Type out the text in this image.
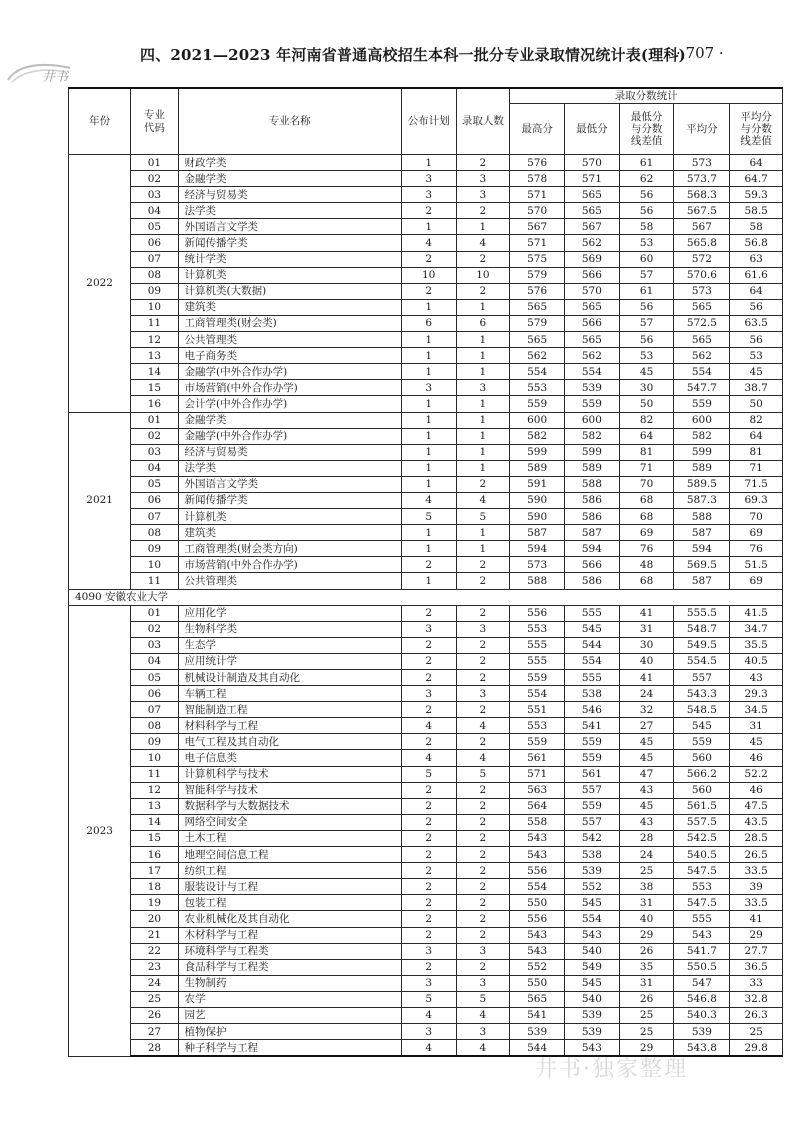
四、2021—2023 年河南省普通高校招生本科一批分专业录取情况统计表(理科)
· 707 ·
井书
年份	专业代码	专业名称	公布计划	录取人数	录取分数统计				
					最高分	最低分	最低分与分数线差值	平均分	平均分与分数线差值
2022	01	财政学类	1	2	576	570	61	573	64
	02	金融学类	3	3	578	571	62	573.7	64.7
	03	经济与贸易类	3	3	571	565	56	568.3	59.3
	04	法学类	2	2	570	565	56	567.5	58.5
	05	外国语言文学类	1	1	567	567	58	567	58
	06	新闻传播学类	4	4	571	562	53	565.8	56.8
	07	统计学类	2	2	575	569	60	572	63
	08	计算机类	10	10	579	566	57	570.6	61.6
	09	计算机类(大数据)	2	2	576	570	61	573	64
	10	建筑类	1	1	565	565	56	565	56
	11	工商管理类(财会类)	6	6	579	566	57	572.5	63.5
	12	公共管理类	1	1	565	565	56	565	56
	13	电子商务类	1	1	562	562	53	562	53
	14	金融学(中外合作办学)	1	1	554	554	45	554	45
	15	市场营销(中外合作办学)	3	3	553	539	30	547.7	38.7
	16	会计学(中外合作办学)	1	1	559	559	50	559	50
2021	01	金融学类	1	1	600	600	82	600	82
	02	金融学(中外合作办学)	1	1	582	582	64	582	64
	03	经济与贸易类	1	1	599	599	81	599	81
	04	法学类	1	1	589	589	71	589	71
	05	外国语言文学类	1	2	591	588	70	589.5	71.5
	06	新闻传播学类	4	4	590	586	68	587.3	69.3
	07	计算机类	5	5	590	586	68	588	70
	08	建筑类	1	1	587	587	69	587	69
	09	工商管理类(财会类方向)	1	1	594	594	76	594	76
	10	市场营销(中外合作办学)	2	2	573	566	48	569.5	51.5
	11	公共管理类	1	2	588	586	68	587	69
4090 安徽农业大学									
2023	01	应用化学	2	2	556	555	41	555.5	41.5
	02	生物科学类	3	3	553	545	31	548.7	34.7
	03	生态学	2	2	555	544	30	549.5	35.5
	04	应用统计学	2	2	555	554	40	554.5	40.5
	05	机械设计制造及其自动化	2	2	559	555	41	557	43
	06	车辆工程	3	3	554	538	24	543.3	29.3
	07	智能制造工程	2	2	551	546	32	548.5	34.5
	08	材料科学与工程	4	4	553	541	27	545	31
	09	电气工程及其自动化	2	2	559	559	45	559	45
	10	电子信息类	4	4	561	559	45	560	46
	11	计算机科学与技术	5	5	571	561	47	566.2	52.2
	12	智能科学与技术	2	2	563	557	43	560	46
	13	数据科学与大数据技术	2	2	564	559	45	561.5	47.5
	14	网络空间安全	2	2	558	557	43	557.5	43.5
	15	土木工程	2	2	543	542	28	542.5	28.5
	16	地理空间信息工程	2	2	543	538	24	540.5	26.5
	17	纺织工程	2	2	556	539	25	547.5	33.5
	18	服装设计与工程	2	2	554	552	38	553	39
	19	包装工程	2	2	550	545	31	547.5	33.5
	20	农业机械化及其自动化	2	2	556	554	40	555	41
	21	木材科学与工程	2	2	543	543	29	543	29
	22	环境科学与工程类	3	3	543	540	26	541.7	27.7
	23	食品科学与工程类	2	2	552	549	35	550.5	36.5
	24	生物制药	3	3	550	545	31	547	33
	25	农学	5	5	565	540	26	546.8	32.8
	26	园艺	4	4	541	539	25	540.3	26.3
	27	植物保护	3	3	539	539	25	539	25
	28	种子科学与工程	4	4	544	543	29	543.8	29.8
井书·独家整理
